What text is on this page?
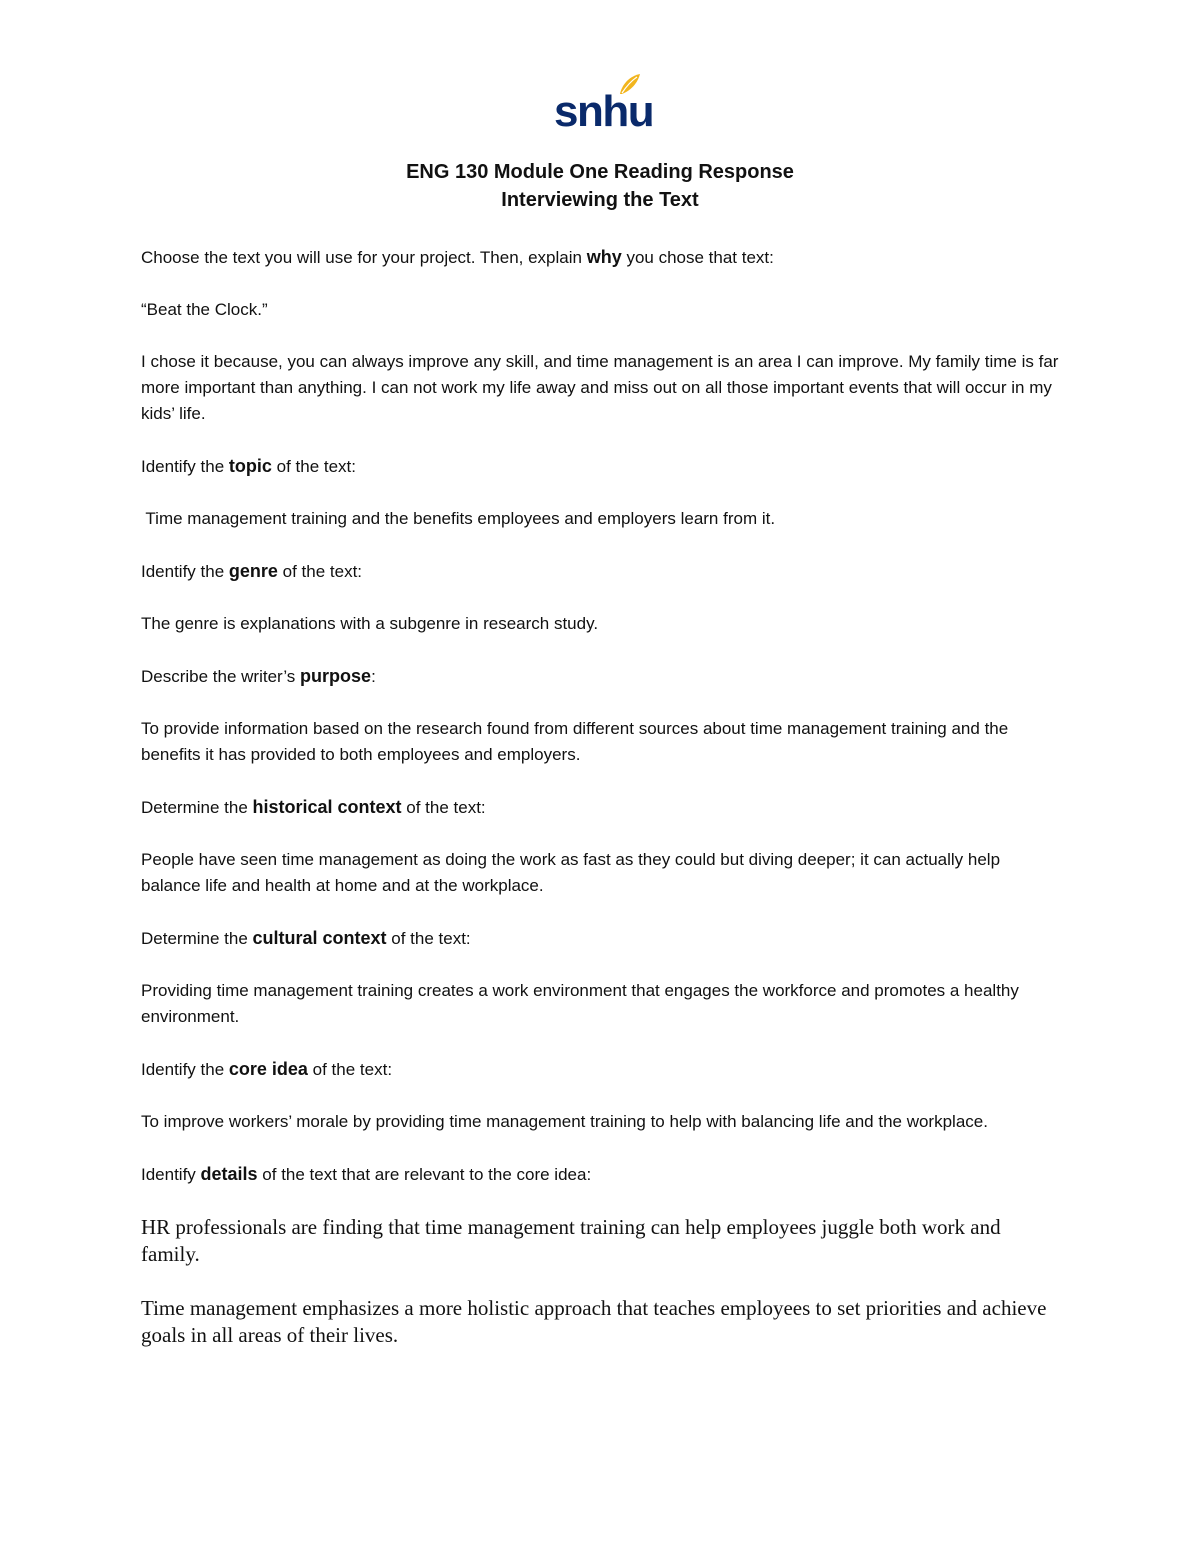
snhu
ENG 130 Module One Reading Response
Interviewing the Text

Choose the text you will use for your project. Then, explain why you chose that text:

“Beat the Clock.”

I chose it because, you can always improve any skill, and time management is an area I can improve. My family time is far more important than anything. I can not work my life away and miss out on all those important events that will occur in my kids’ life.

Identify the topic of the text:

Time management training and the benefits employees and employers learn from it.

Identify the genre of the text:

The genre is explanations with a subgenre in research study.

Describe the writer’s purpose:

To provide information based on the research found from different sources about time management training and the benefits it has provided to both employees and employers.

Determine the historical context of the text:

People have seen time management as doing the work as fast as they could but diving deeper; it can actually help balance life and health at home and at the workplace.

Determine the cultural context of the text:

Providing time management training creates a work environment that engages the workforce and promotes a healthy environment.

Identify the core idea of the text:

To improve workers’ morale by providing time management training to help with balancing life and the workplace.

Identify details of the text that are relevant to the core idea:

HR professionals are finding that time management training can help employees juggle both work and family.

Time management emphasizes a more holistic approach that teaches employees to set priorities and achieve goals in all areas of their lives.
